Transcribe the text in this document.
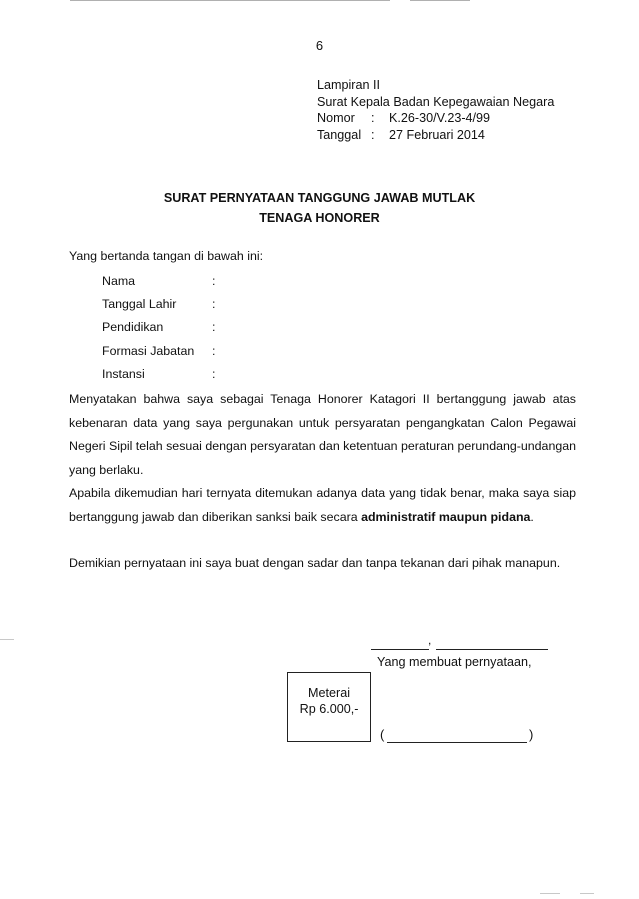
6
Lampiran II
Surat Kepala Badan Kepegawaian Negara
Nomor : K.26-30/V.23-4/99
Tanggal : 27 Februari 2014
SURAT PERNYATAAN TANGGUNG JAWAB MUTLAK
TENAGA HONORER
Yang bertanda tangan di bawah ini:
Nama	:
Tanggal Lahir	:
Pendidikan	:
Formasi Jabatan :
Instansi	:
Menyatakan bahwa saya sebagai Tenaga Honorer Katagori II bertanggung jawab atas kebenaran data yang saya pergunakan untuk persyaratan pengangkatan Calon Pegawai Negeri Sipil telah sesuai dengan persyaratan dan ketentuan peraturan perundang-undangan yang berlaku.
Apabila dikemudian hari ternyata ditemukan adanya data yang tidak benar, maka saya siap bertanggung jawab dan diberikan sanksi baik secara administratif maupun pidana.
Demikian pernyataan ini saya buat dengan sadar dan tanpa tekanan dari pihak manapun.
,
Yang membuat pernyataan,
Meterai
Rp 6.000,-
(	)
